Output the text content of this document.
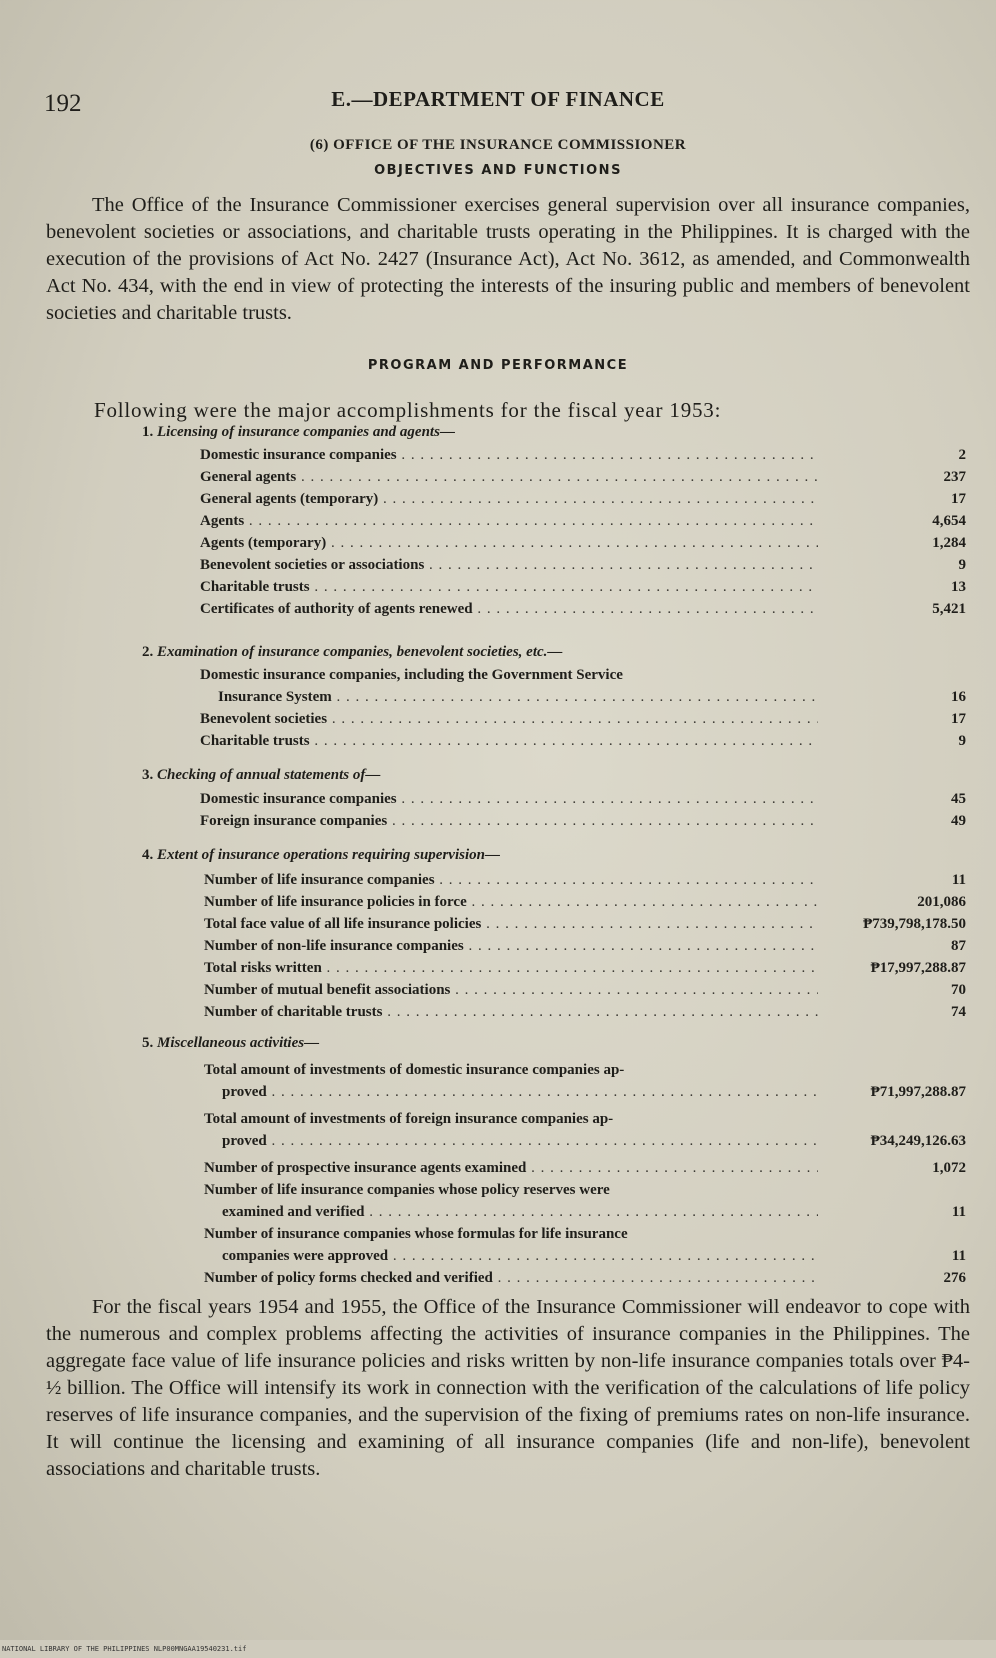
192	E.—DEPARTMENT OF FINANCE
(6) OFFICE OF THE INSURANCE COMMISSIONER
OBJECTIVES AND FUNCTIONS
The Office of the Insurance Commissioner exercises general supervision over all insurance companies, benevolent societies or associations, and charitable trusts operating in the Philippines. It is charged with the execution of the provisions of Act No. 2427 (Insurance Act), Act No. 3612, as amended, and Commonwealth Act No. 434, with the end in view of protecting the interests of the insuring public and members of benevolent societies and charitable trusts.
PROGRAM AND PERFORMANCE
Following were the major accomplishments for the fiscal year 1953:
1. Licensing of insurance companies and agents—
Domestic insurance companies . . .	2
General agents . . .	237
General agents (temporary) . . .	17
Agents . . .	4,654
Agents (temporary) . . .	1,284
Benevolent societies or associations . . .	9
Charitable trusts . . .	13
Certificates of authority of agents renewed . . .	5,421
2. Examination of insurance companies, benevolent societies, etc.—
Domestic insurance companies, including the Government Service
Insurance System . . .	16
Benevolent societies . . .	17
Charitable trusts . . .	9
3. Checking of annual statements of—
Domestic insurance companies . . .	45
Foreign insurance companies . . .	49
4. Extent of insurance operations requiring supervision—
Number of life insurance companies . . .	11
Number of life insurance policies in force . . .	201,086
Total face value of all life insurance policies . . .	₱739,798,178.50
Number of non-life insurance companies . . .	87
Total risks written . . .	₱17,997,288.87
Number of mutual benefit associations . . .	70
Number of charitable trusts . . .	74
5. Miscellaneous activities—
Total amount of investments of domestic insurance companies ap-
proved . . .	₱71,997,288.87
Total amount of investments of foreign insurance companies ap-
proved . . .	₱34,249,126.63
Number of prospective insurance agents examined . . .	1,072
Number of life insurance companies whose policy reserves were
examined and verified . . .	11
Number of insurance companies whose formulas for life insurance
companies were approved . . .	11
Number of policy forms checked and verified . . .	276
For the fiscal years 1954 and 1955, the Office of the Insurance Commissioner will endeavor to cope with the numerous and complex problems affecting the activities of insurance companies in the Philippines. The aggregate face value of life insurance policies and risks written by non-life insurance companies totals over ₱4-½ billion. The Office will intensify its work in connection with the verification of the calculations of life policy reserves of life insurance companies, and the supervision of the fixing of premiums rates on non-life insurance. It will continue the licensing and examining of all insurance companies (life and non-life), benevolent associations and charitable trusts.
NATIONAL LIBRARY OF THE PHILIPPINES NLP00MNGAA19540231.tif
